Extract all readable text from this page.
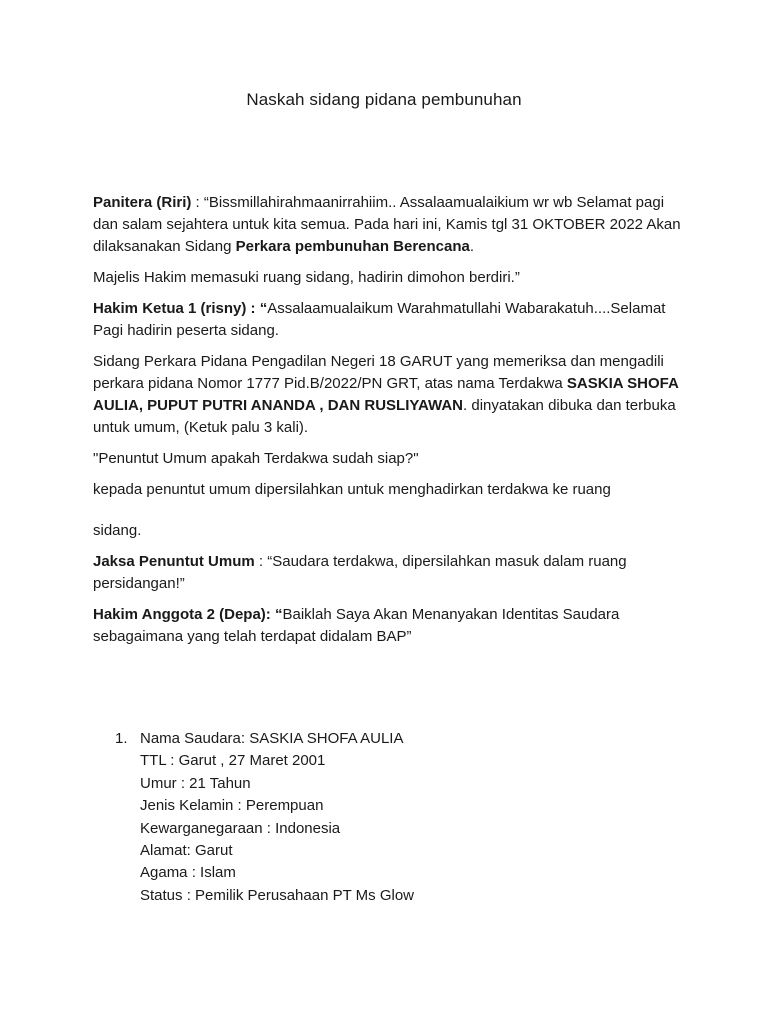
Naskah sidang pidana pembunuhan

Panitera (Riri) : “Bissmillahirahmaanirrahiim.. Assalaamualaikium wr wb Selamat pagi dan salam sejahtera untuk kita semua. Pada hari ini, Kamis tgl 31 OKTOBER 2022 Akan dilaksanakan Sidang Perkara pembunuhan Berencana.

Majelis Hakim memasuki ruang sidang, hadirin dimohon berdiri.”

Hakim Ketua 1 (risny) : “Assalaamualaikum Warahmatullahi Wabarakatuh....Selamat Pagi hadirin peserta sidang.

Sidang Perkara Pidana Pengadilan Negeri 18 GARUT yang memeriksa dan mengadili perkara pidana Nomor 1777 Pid.B/2022/PN GRT, atas nama Terdakwa SASKIA SHOFA AULIA, PUPUT PUTRI ANANDA , DAN RUSLIYAWAN. dinyatakan dibuka dan terbuka untuk umum, (Ketuk palu 3 kali).

"Penuntut Umum apakah Terdakwa sudah siap?"

kepada penuntut umum dipersilahkan untuk menghadirkan terdakwa ke ruang

sidang.

Jaksa Penuntut Umum : “Saudara terdakwa, dipersilahkan masuk dalam ruang persidangan!”

Hakim Anggota 2 (Depa): “Baiklah Saya Akan Menanyakan Identitas Saudara sebagaimana yang telah terdapat didalam BAP”

1. Nama Saudara: SASKIA SHOFA AULIA
TTL : Garut , 27 Maret 2001
Umur : 21 Tahun
Jenis Kelamin : Perempuan
Kewarganegaraan : Indonesia
Alamat: Garut
Agama : Islam
Status : Pemilik Perusahaan PT Ms Glow
